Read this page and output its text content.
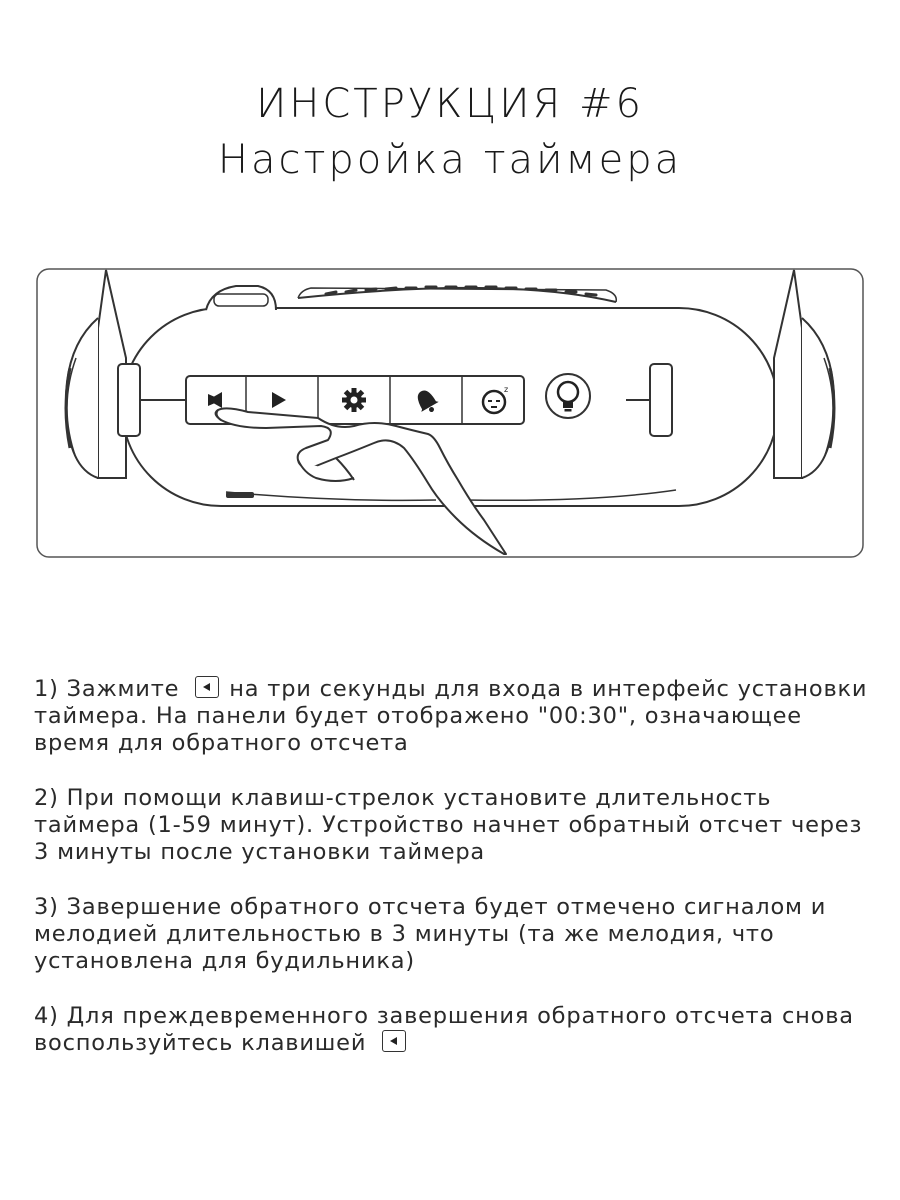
ИНСТРУКЦИЯ #6
Настройка таймера
z

1) Зажмите на три секунды для входа в интерфейс установки таймера. На панели будет отображено "00:30", означающее время для обратного отсчета

2) При помощи клавиш-стрелок установите длительность таймера (1-59 минут). Устройство начнет обратный отсчет через 3 минуты после установки таймера

3) Завершение обратного отсчета будет отмечено сигналом и мелодией длительностью в 3 минуты (та же мелодия, что установлена для будильника)

4) Для преждевременного завершения обратного отсчета снова воспользуйтесь клавишей
